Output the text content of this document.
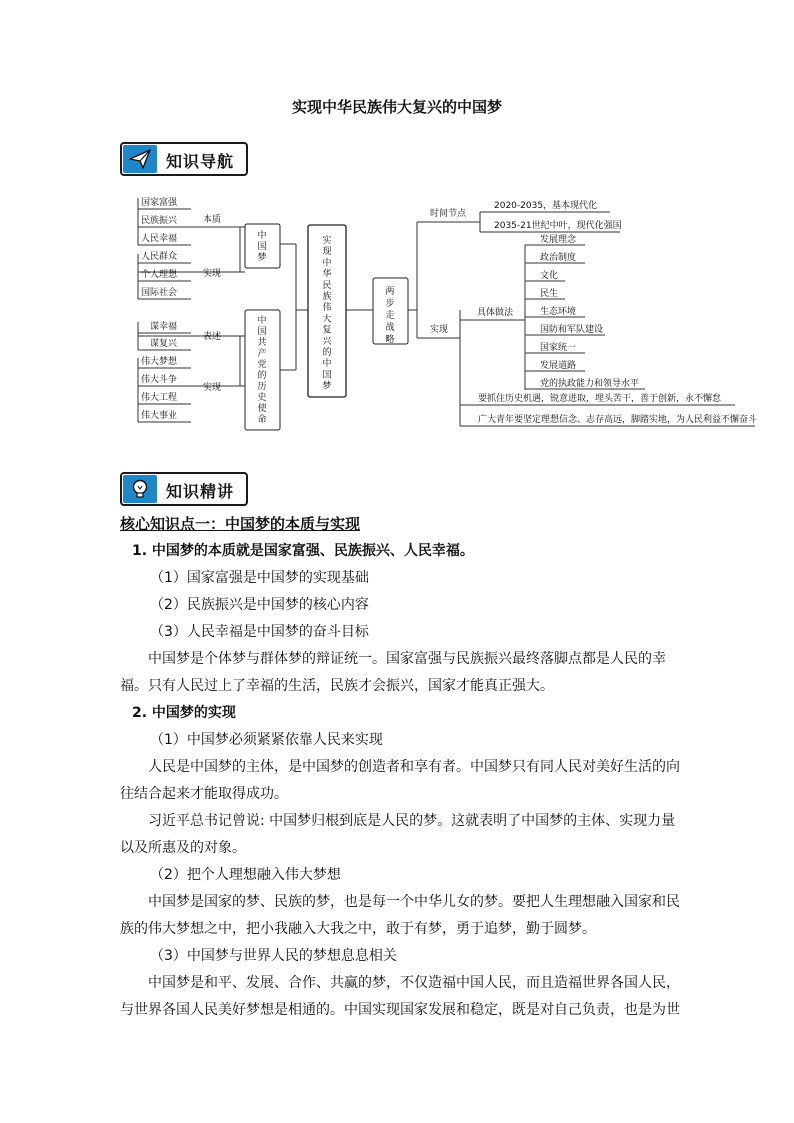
实现中华民族伟大复兴的中国梦
知识导航
国家富强
民族振兴
人民幸福
人民群众
个人理想
国际社会
本质
实现
谋幸福
谋复兴
伟大梦想
伟大斗争
伟大工程
伟大事业
表述
实现
中国梦
中国共产党的历史使命
实现中华民族伟大复兴的中国梦
两步走战略
时间节点
2020-2035，基本现代化
2035-21世纪中叶，现代化强国
实现
具体做法
发展理念
政治制度
文化
民生
生态环境
国防和军队建设
国家统一
发展道路
党的执政能力和领导水平
要抓住历史机遇，锐意进取，埋头苦干，善于创新，永不懈怠
广大青年要坚定理想信念、志存高远，脚踏实地，为人民利益不懈奋斗
知识精讲
核心知识点一：中国梦的本质与实现
1. 中国梦的本质就是国家富强、民族振兴、人民幸福。
（1）国家富强是中国梦的实现基础
（2）民族振兴是中国梦的核心内容
（3）人民幸福是中国梦的奋斗目标
中国梦是个体梦与群体梦的辩证统一。国家富强与民族振兴最终落脚点都是人民的幸福。只有人民过上了幸福的生活，民族才会振兴，国家才能真正强大。
2. 中国梦的实现
（1）中国梦必须紧紧依靠人民来实现
人民是中国梦的主体，是中国梦的创造者和享有者。中国梦只有同人民对美好生活的向往结合起来才能取得成功。
习近平总书记曾说: 中国梦归根到底是人民的梦。这就表明了中国梦的主体、实现力量以及所惠及的对象。
（2）把个人理想融入伟大梦想
中国梦是国家的梦、民族的梦，也是每一个中华儿女的梦。要把人生理想融入国家和民族的伟大梦想之中，把小我融入大我之中，敢于有梦，勇于追梦，勤于圆梦。
（3）中国梦与世界人民的梦想息息相关
中国梦是和平、发展、合作、共赢的梦，不仅造福中国人民，而且造福世界各国人民，与世界各国人民美好梦想是相通的。中国实现国家发展和稳定，既是对自己负责，也是为世
